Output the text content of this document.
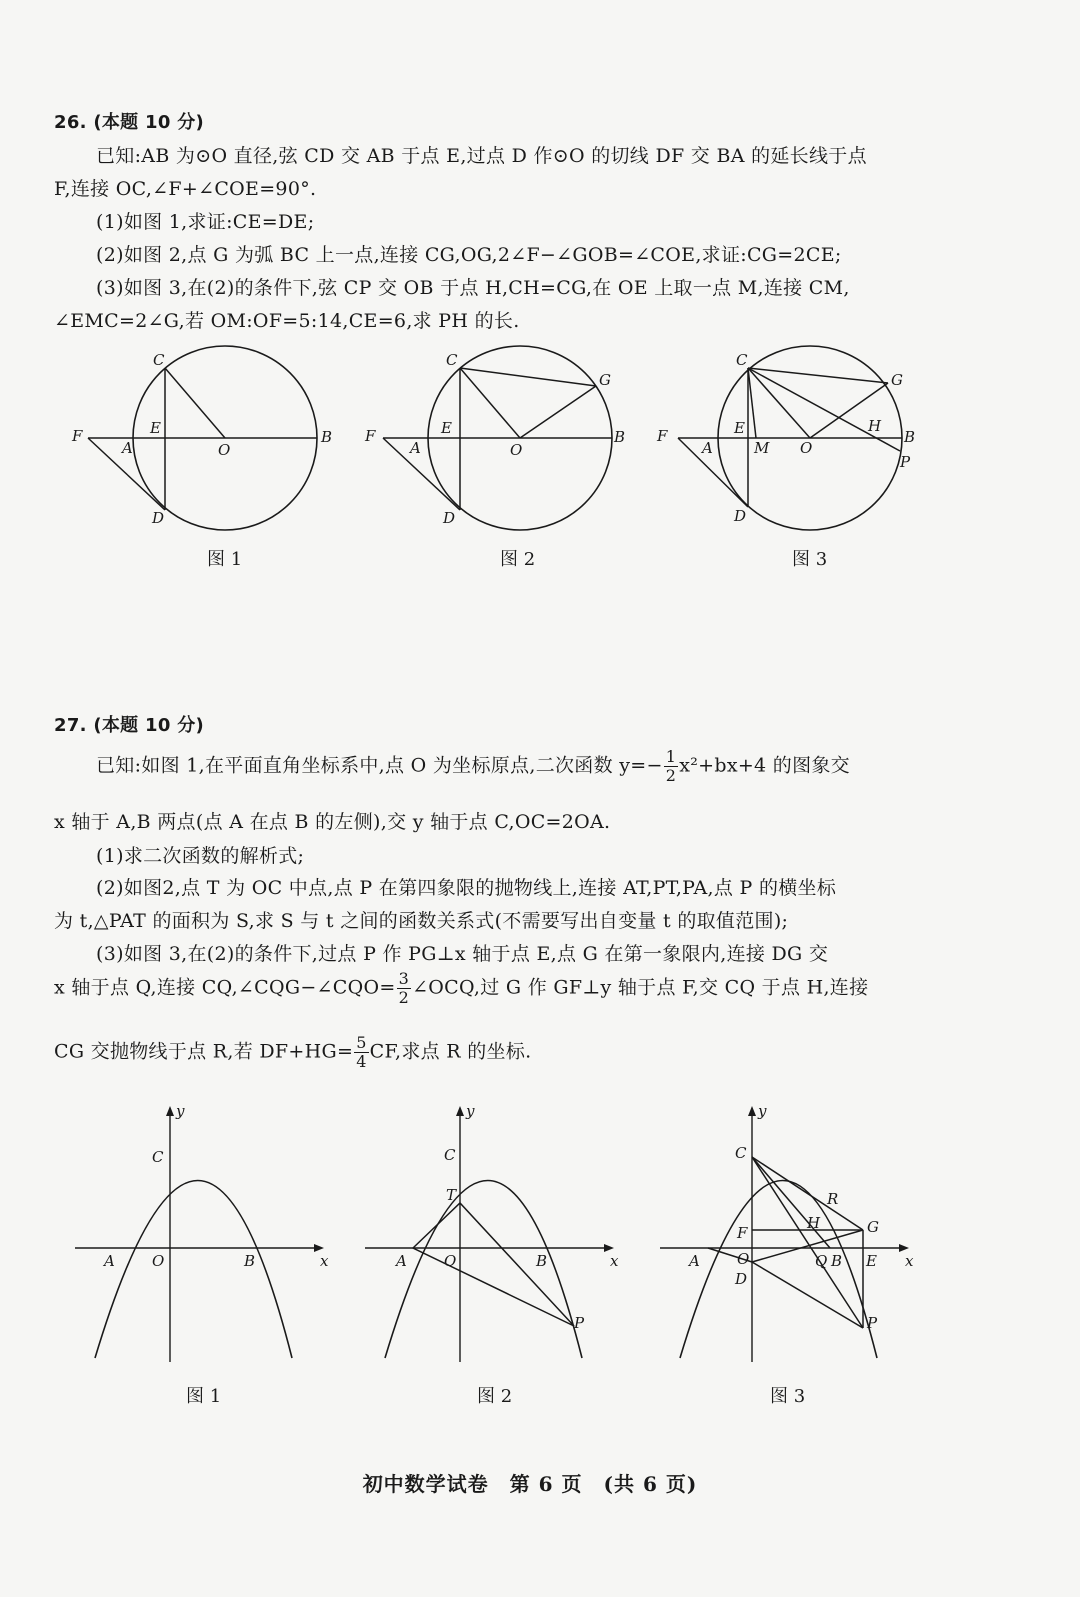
26. (本题 10 分)
已知:AB 为⊙O 直径,弦 CD 交 AB 于点 E,过点 D 作⊙O 的切线 DF 交 BA 的延长线于点
F,连接 OC,∠F+∠COE=90°.
(1)如图 1,求证:CE=DE;
(2)如图 2,点 G 为弧 BC 上一点,连接 CG,OG,2∠F−∠GOB=∠COE,求证:CG=2CE;
(3)如图 3,在(2)的条件下,弦 CP 交 OB 于点 H,CH=CG,在 OE 上取一点 M,连接 CM,
∠EMC=2∠G,若 OM:OF=5:14,CE=6,求 PH 的长.
C
F
A
E
O
B
D
C
G
F
A
E
O
B
D
C
G
F
A
E
M O
H
B
P
D
图 1	图 2	图 3
27. (本题 10 分)
已知:如图 1,在平面直角坐标系中,点 O 为坐标原点,二次函数 $y=- \frac{1}{2} x^2+bx+4$ 的图象交
x 轴于 A,B 两点(点 A 在点 B 的左侧),交 y 轴于点 C,OC=2OA.
(1)求二次函数的解析式;
(2)如图2,点 T 为 OC 中点,点 P 在第四象限的抛物线上,连接 AT,PT,PA,点 P 的横坐标
为 t,△PAT 的面积为 S,求 S 与 t 之间的函数关系式(不需要写出自变量 t 的取值范围);
(3)如图 3,在(2)的条件下,过点 P 作 PG⊥x 轴于点 E,点 G 在第一象限内,连接 DG 交
x 轴于点 Q,连接 CQ,∠CQG−∠CQO= $\frac{3}{2}$ ∠OCQ,过 G 作 GF⊥y 轴于点 F,交 CQ 于点 H,连接
CG 交抛物线于点 R,若 $DF+HG= \frac{5}{4}$ CF,求点 R 的坐标.
y
C
A O	B	x
y
C
T
A O	B	x
P
y
C
R
H	G
F
A O
D
Q B E x
P
图 1	图 2	图 3
初中数学试卷　第 6 页　(共 6 页)
